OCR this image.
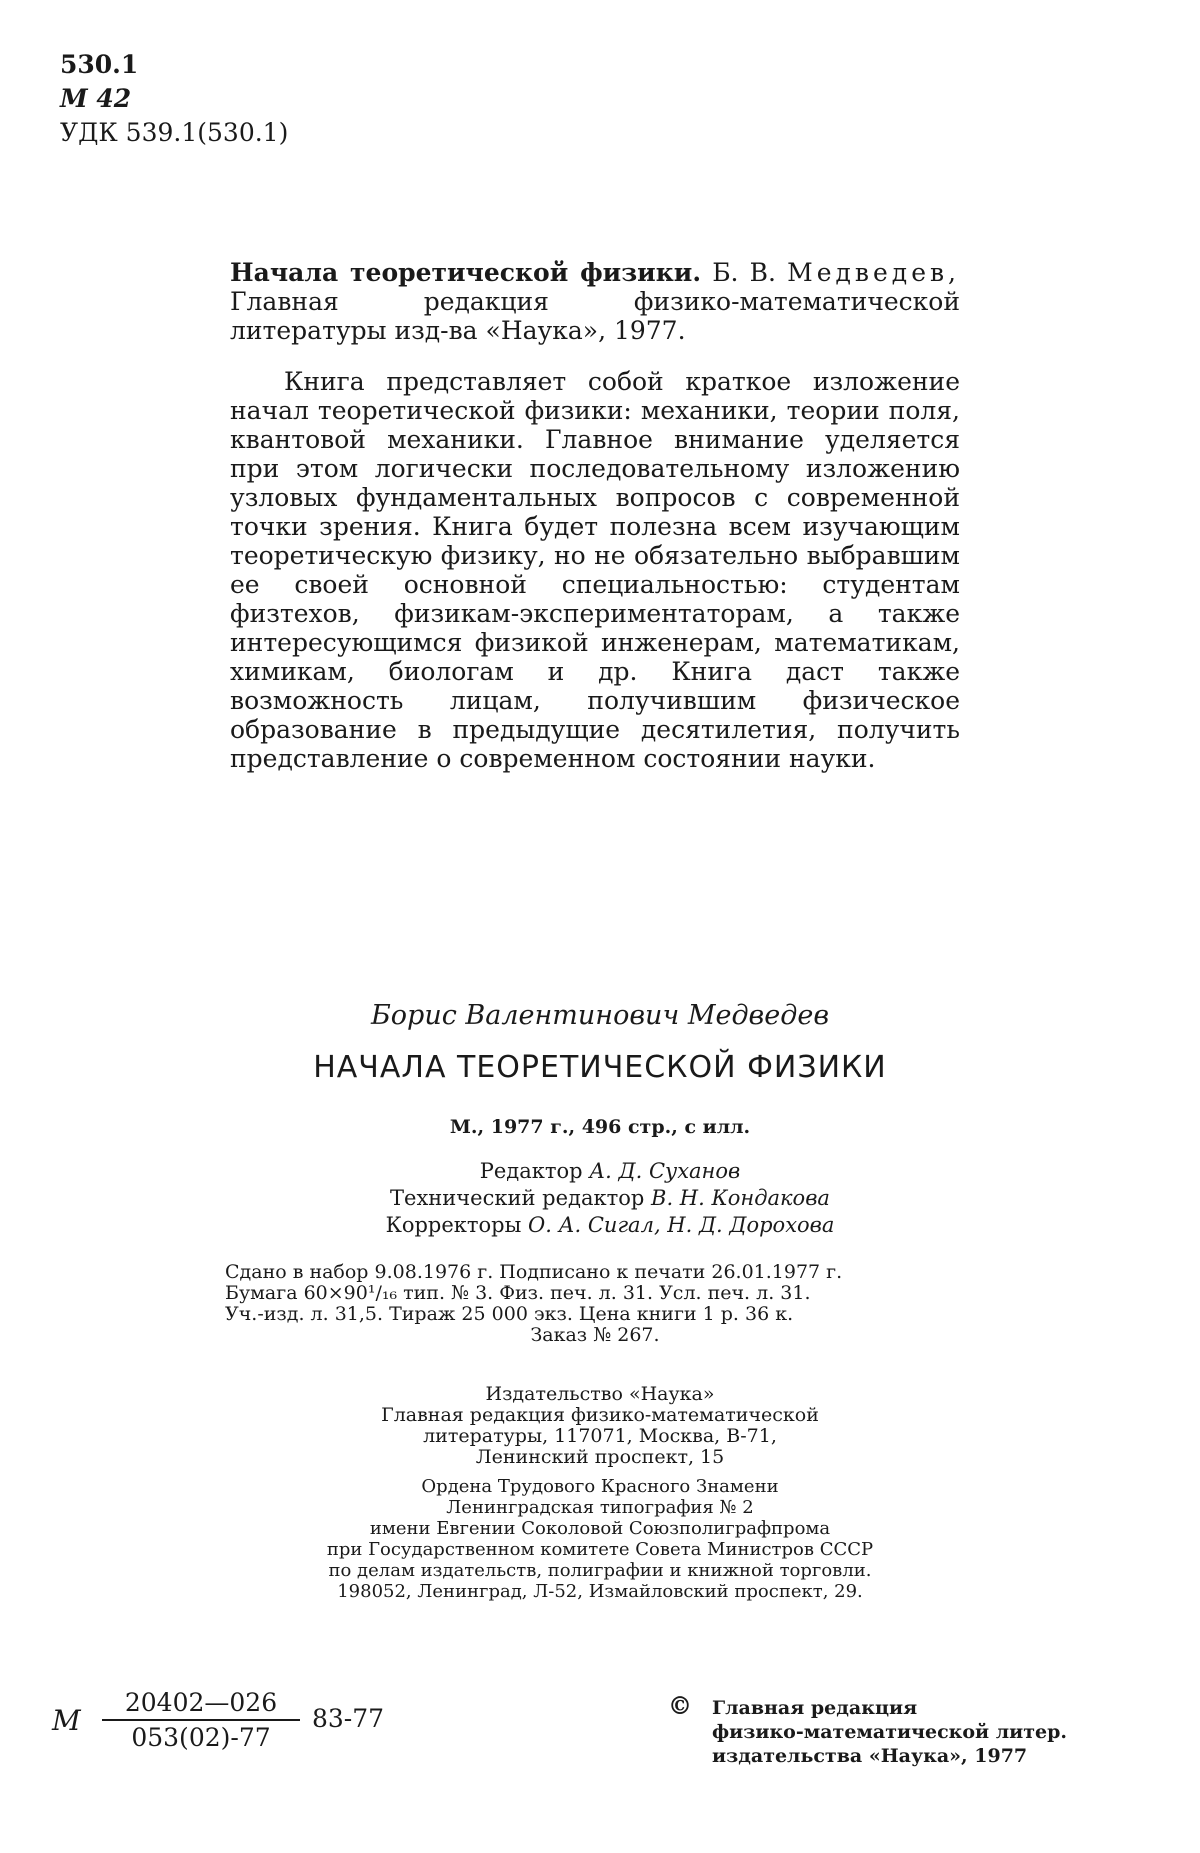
530.1
М 42
УДК 539.1(530.1)

Начала теоретической физики. Б. В. Медведев, Главная редакция физико-математической литературы изд-ва «Наука», 1977.

Книга представляет собой краткое изложение начал теоретической физики: механики, теории поля, квантовой механики. Главное внимание уделяется при этом логически последовательному изложению узловых фундаментальных вопросов с современной точки зрения. Книга будет полезна всем изучающим теоретическую физику, но не обязательно выбравшим ее своей основной специальностью: студентам физтехов, физикам-экспериментаторам, а также интересующимся физикой инженерам, математикам, химикам, биологам и др. Книга даст также возможность лицам, получившим физическое образование в предыдущие десятилетия, получить представление о современном состоянии науки.

Борис Валентинович Медведев
НАЧАЛА ТЕОРЕТИЧЕСКОЙ ФИЗИКИ
М., 1977 г., 496 стр., с илл.
Редактор А. Д. Суханов
Технический редактор В. Н. Кондакова
Корректоры О. А. Сигал, Н. Д. Дорохова
Сдано в набор 9.08.1976 г. Подписано к печати 26.01.1977 г.
Бумага 60×90¹/₁₆ тип. № 3. Физ. печ. л. 31. Усл. печ. л. 31.
Уч.-изд. л. 31,5. Тираж 25 000 экз. Цена книги 1 р. 36 к.
Заказ № 267.
Издательство «Наука»
Главная редакция физико-математической
литературы, 117071, Москва, В-71,
Ленинский проспект, 15
Ордена Трудового Красного Знамени
Ленинградская типография № 2
имени Евгении Соколовой Союзполиграфпрома
при Государственном комитете Совета Министров СССР
по делам издательств, полиграфии и книжной торговли.
198052, Ленинград, Л-52, Измайловский проспект, 29.
М
20402—026
053(02)-77
83-77	© Главная редакция
физико-математической литер.
издательства «Наука», 1977
